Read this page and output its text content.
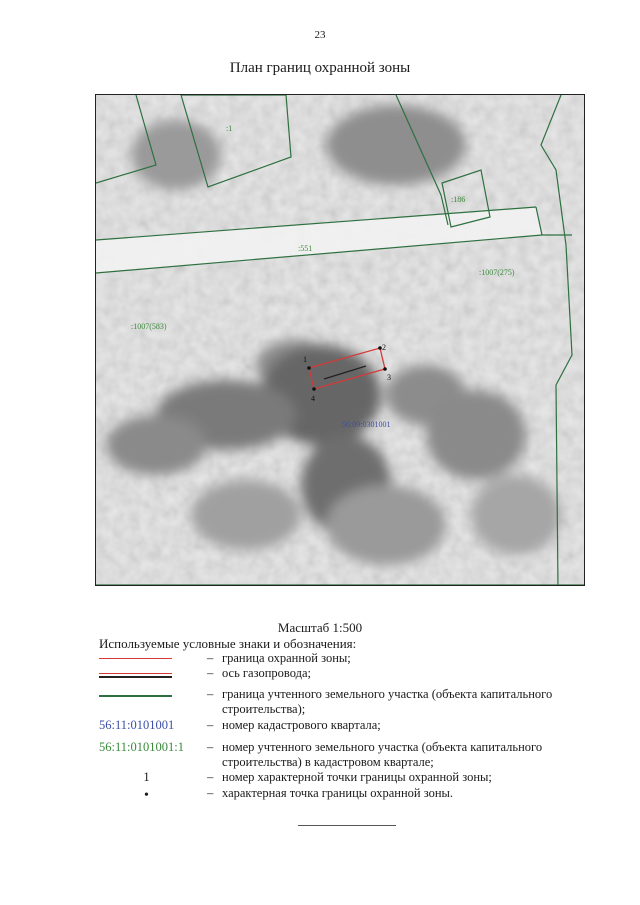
23
План границ охранной зоны
:1
:186
:551
:1007(275)
:1007(583)
56:09:0301001
1
2
3
4
Масштаб 1:500
Используемые условные знаки и обозначения:
– граница охранной зоны;
– ось газопровода;
– граница учтенного земельного участка (объекта капитального строительства);
56:11:0101001	– номер кадастрового квартала;
56:11:0101001:1	– номер учтенного земельного участка (объекта капитального строительства) в кадастровом квартале;
1	– номер характерной точки границы охранной зоны;
•	– характерная точка границы охранной зоны.
